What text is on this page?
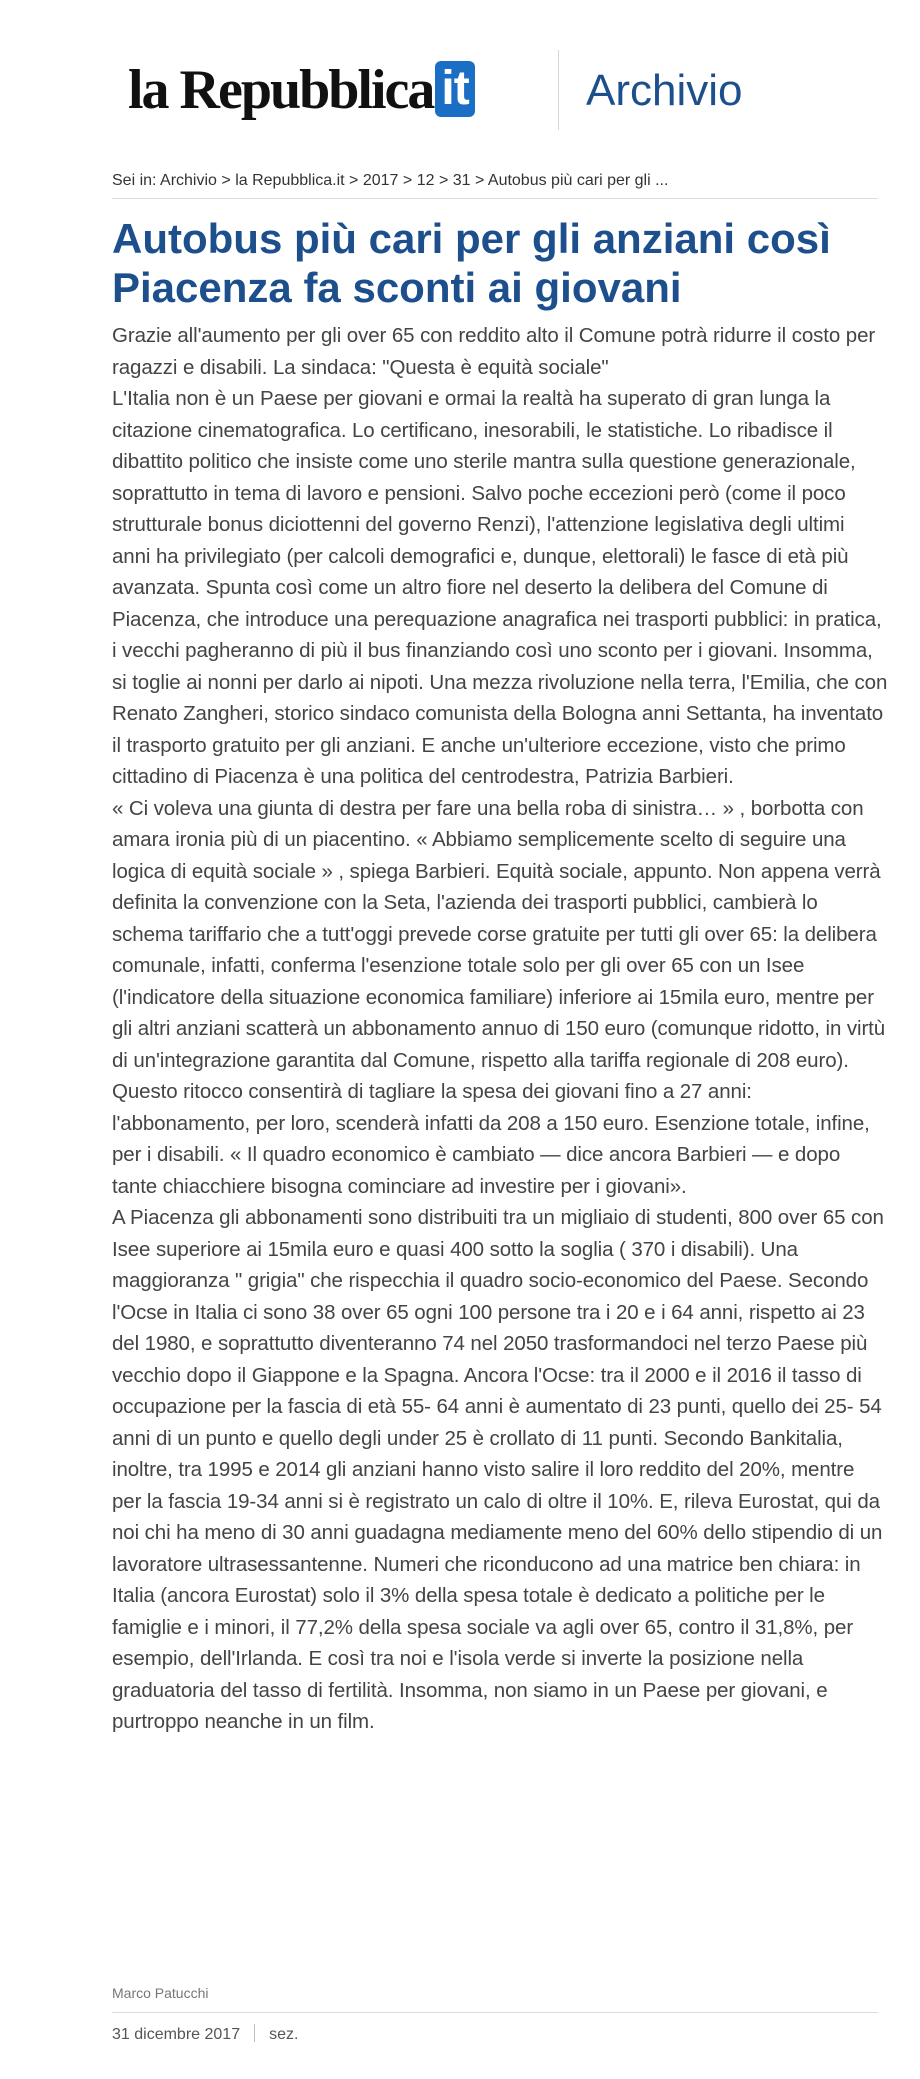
la Repubblica it	Archivio
Sei in: Archivio > la Repubblica.it > 2017 > 12 > 31 > Autobus più cari per gli ...
Autobus più cari per gli anziani così Piacenza fa sconti ai giovani

Grazie all'aumento per gli over 65 con reddito alto il Comune potrà ridurre il costo per ragazzi e disabili. La sindaca: "Questa è equità sociale"

L'Italia non è un Paese per giovani e ormai la realtà ha superato di gran lunga la citazione cinematografica. Lo certificano, inesorabili, le statistiche. Lo ribadisce il dibattito politico che insiste come uno sterile mantra sulla questione generazionale, soprattutto in tema di lavoro e pensioni. Salvo poche eccezioni però (come il poco strutturale bonus diciottenni del governo Renzi), l'attenzione legislativa degli ultimi anni ha privilegiato (per calcoli demografici e, dunque, elettorali) le fasce di età più avanzata. Spunta così come un altro fiore nel deserto la delibera del Comune di Piacenza, che introduce una perequazione anagrafica nei trasporti pubblici: in pratica, i vecchi pagheranno di più il bus finanziando così uno sconto per i giovani. Insomma, si toglie ai nonni per darlo ai nipoti. Una mezza rivoluzione nella terra, l'Emilia, che con Renato Zangheri, storico sindaco comunista della Bologna anni Settanta, ha inventato il trasporto gratuito per gli anziani. E anche un'ulteriore eccezione, visto che primo cittadino di Piacenza è una politica del centrodestra, Patrizia Barbieri.

« Ci voleva una giunta di destra per fare una bella roba di sinistra… » , borbotta con amara ironia più di un piacentino. « Abbiamo semplicemente scelto di seguire una logica di equità sociale » , spiega Barbieri. Equità sociale, appunto. Non appena verrà definita la convenzione con la Seta, l'azienda dei trasporti pubblici, cambierà lo schema tariffario che a tutt'oggi prevede corse gratuite per tutti gli over 65: la delibera comunale, infatti, conferma l'esenzione totale solo per gli over 65 con un Isee (l'indicatore della situazione economica familiare) inferiore ai 15mila euro, mentre per gli altri anziani scatterà un abbonamento annuo di 150 euro (comunque ridotto, in virtù di un'integrazione garantita dal Comune, rispetto alla tariffa regionale di 208 euro). Questo ritocco consentirà di tagliare la spesa dei giovani fino a 27 anni: l'abbonamento, per loro, scenderà infatti da 208 a 150 euro. Esenzione totale, infine, per i disabili. « Il quadro economico è cambiato — dice ancora Barbieri — e dopo tante chiacchiere bisogna cominciare ad investire per i giovani».

A Piacenza gli abbonamenti sono distribuiti tra un migliaio di studenti, 800 over 65 con Isee superiore ai 15mila euro e quasi 400 sotto la soglia ( 370 i disabili). Una maggioranza " grigia" che rispecchia il quadro socio-economico del Paese. Secondo l'Ocse in Italia ci sono 38 over 65 ogni 100 persone tra i 20 e i 64 anni, rispetto ai 23 del 1980, e soprattutto diventeranno 74 nel 2050 trasformandoci nel terzo Paese più vecchio dopo il Giappone e la Spagna. Ancora l'Ocse: tra il 2000 e il 2016 il tasso di occupazione per la fascia di età 55- 64 anni è aumentato di 23 punti, quello dei 25- 54 anni di un punto e quello degli under 25 è crollato di 11 punti. Secondo Bankitalia, inoltre, tra 1995 e 2014 gli anziani hanno visto salire il loro reddito del 20%, mentre per la fascia 19-34 anni si è registrato un calo di oltre il 10%. E, rileva Eurostat, qui da noi chi ha meno di 30 anni guadagna mediamente meno del 60% dello stipendio di un lavoratore ultrasessantenne. Numeri che riconducono ad una matrice ben chiara: in Italia (ancora Eurostat) solo il 3% della spesa totale è dedicato a politiche per le famiglie e i minori, il 77,2% della spesa sociale va agli over 65, contro il 31,8%, per esempio, dell'Irlanda. E così tra noi e l'isola verde si inverte la posizione nella graduatoria del tasso di fertilità. Insomma, non siamo in un Paese per giovani, e purtroppo neanche in un film.

Marco Patucchi
31 dicembre 2017 sez.
